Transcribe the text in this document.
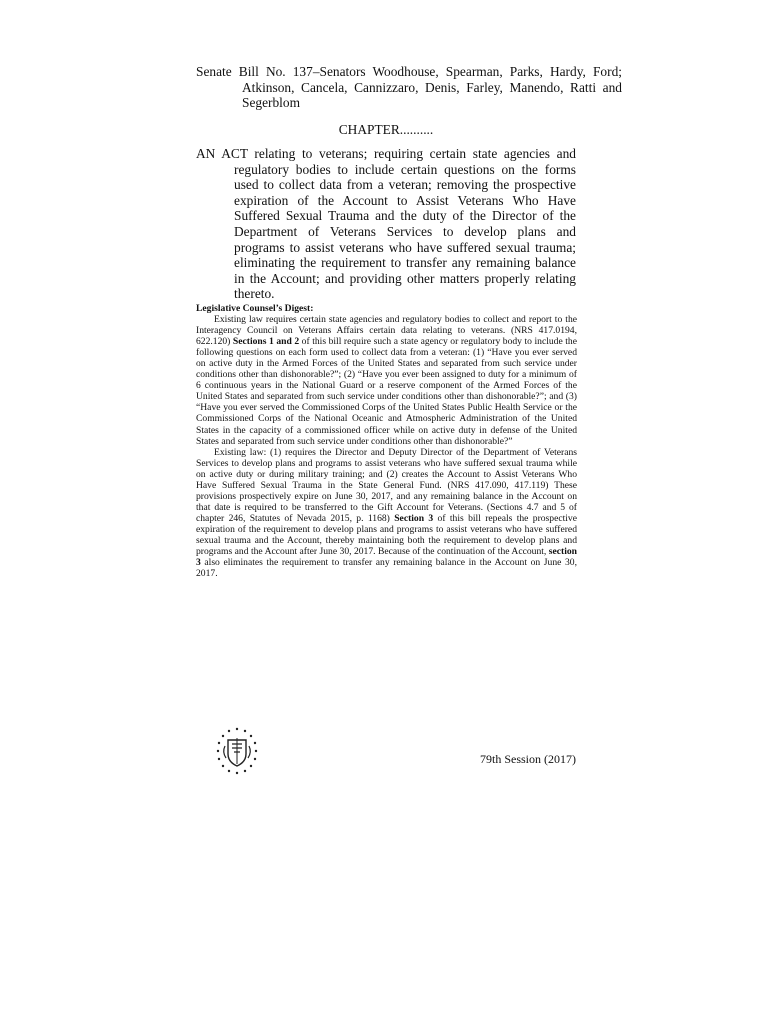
Senate Bill No. 137–Senators Woodhouse, Spearman, Parks, Hardy, Ford; Atkinson, Cancela, Cannizzaro, Denis, Farley, Manendo, Ratti and Segerblom
CHAPTER..........
AN ACT relating to veterans; requiring certain state agencies and regulatory bodies to include certain questions on the forms used to collect data from a veteran; removing the prospective expiration of the Account to Assist Veterans Who Have Suffered Sexual Trauma and the duty of the Director of the Department of Veterans Services to develop plans and programs to assist veterans who have suffered sexual trauma; eliminating the requirement to transfer any remaining balance in the Account; and providing other matters properly relating thereto.
Legislative Counsel’s Digest:

Existing law requires certain state agencies and regulatory bodies to collect and report to the Interagency Council on Veterans Affairs certain data relating to veterans. (NRS 417.0194, 622.120) Sections 1 and 2 of this bill require such a state agency or regulatory body to include the following questions on each form used to collect data from a veteran: (1) “Have you ever served on active duty in the Armed Forces of the United States and separated from such service under conditions other than dishonorable?”; (2) “Have you ever been assigned to duty for a minimum of 6 continuous years in the National Guard or a reserve component of the Armed Forces of the United States and separated from such service under conditions other than dishonorable?”; and (3) “Have you ever served the Commissioned Corps of the United States Public Health Service or the Commissioned Corps of the National Oceanic and Atmospheric Administration of the United States in the capacity of a commissioned officer while on active duty in defense of the United States and separated from such service under conditions other than dishonorable?”

Existing law: (1) requires the Director and Deputy Director of the Department of Veterans Services to develop plans and programs to assist veterans who have suffered sexual trauma while on active duty or during military training; and (2) creates the Account to Assist Veterans Who Have Suffered Sexual Trauma in the State General Fund. (NRS 417.090, 417.119) These provisions prospectively expire on June 30, 2017, and any remaining balance in the Account on that date is required to be transferred to the Gift Account for Veterans. (Sections 4.7 and 5 of chapter 246, Statutes of Nevada 2015, p. 1168) Section 3 of this bill repeals the prospective expiration of the requirement to develop plans and programs to assist veterans who have suffered sexual trauma and the Account, thereby maintaining both the requirement to develop plans and programs and the Account after June 30, 2017. Because of the continuation of the Account, section 3 also eliminates the requirement to transfer any remaining balance in the Account on June 30, 2017.

79th Session (2017)
